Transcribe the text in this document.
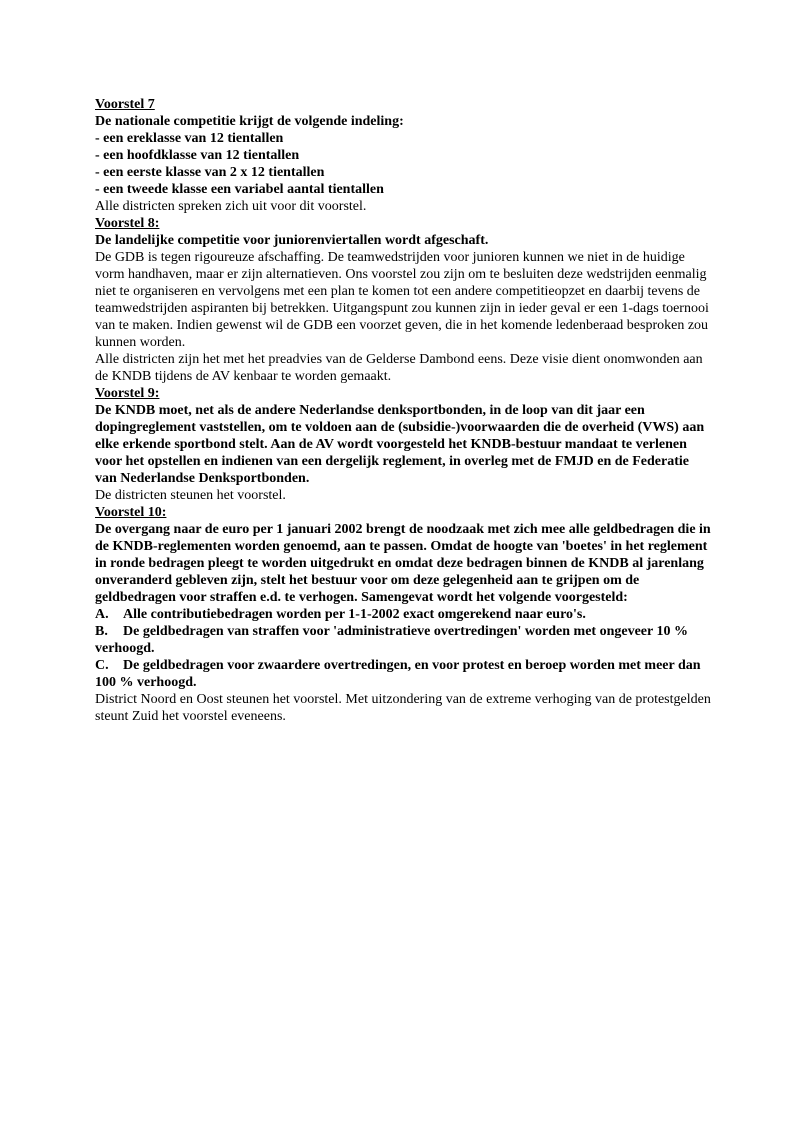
Voorstel 7
De nationale competitie krijgt de volgende indeling:
- een ereklasse van 12 tientallen
- een hoofdklasse van 12 tientallen
- een eerste klasse van 2 x 12 tientallen
- een tweede klasse een variabel aantal tientallen

Alle districten spreken zich uit voor dit voorstel.

Voorstel 8:

De landelijke competitie voor juniorenviertallen wordt afgeschaft.

De GDB is tegen rigoureuze afschaffing. De teamwedstrijden voor junioren kunnen we niet in de huidige vorm handhaven, maar er zijn alternatieven. Ons voorstel zou zijn om te besluiten deze wedstrijden eenmalig niet te organiseren en vervolgens met een plan te komen tot een andere competitieopzet en daarbij tevens de teamwedstrijden aspiranten bij betrekken. Uitgangspunt zou kunnen zijn in ieder geval er een 1-dags toernooi van te maken. Indien gewenst wil de GDB een voorzet geven, die in het komende ledenberaad besproken zou kunnen worden.

Alle districten zijn het met het preadvies van de Gelderse Dambond eens. Deze visie dient onomwonden aan de KNDB tijdens de AV kenbaar te worden gemaakt.

Voorstel 9:

De KNDB moet, net als de andere Nederlandse denksportbonden, in de loop van dit jaar een dopingreglement vaststellen, om te voldoen aan de (subsidie-)voorwaarden die de overheid (VWS) aan elke erkende sportbond stelt. Aan de AV wordt voorgesteld het KNDB-bestuur mandaat te verlenen voor het opstellen en indienen van een dergelijk reglement, in overleg met de FMJD en de Federatie van Nederlandse Denksportbonden.

De districten steunen het voorstel.

Voorstel 10:

De overgang naar de euro per 1 januari 2002 brengt de noodzaak met zich mee alle geldbedragen die in de KNDB-reglementen worden genoemd, aan te passen. Omdat de hoogte van 'boetes' in het reglement in ronde bedragen pleegt te worden uitgedrukt en omdat deze bedragen binnen de KNDB al jarenlang onveranderd gebleven zijn, stelt het bestuur voor om deze gelegenheid aan te grijpen om de geldbedragen voor straffen e.d. te verhogen. Samengevat wordt het volgende voorgesteld:

A. Alle contributiebedragen worden per 1-1-2002 exact omgerekend naar euro's.

B. De geldbedragen van straffen voor 'administratieve overtredingen' worden met ongeveer 10 % verhoogd.

C. De geldbedragen voor zwaardere overtredingen, en voor protest en beroep worden met meer dan 100 % verhoogd.

District Noord en Oost steunen het voorstel. Met uitzondering van de extreme verhoging van de protestgelden steunt Zuid het voorstel eveneens.
